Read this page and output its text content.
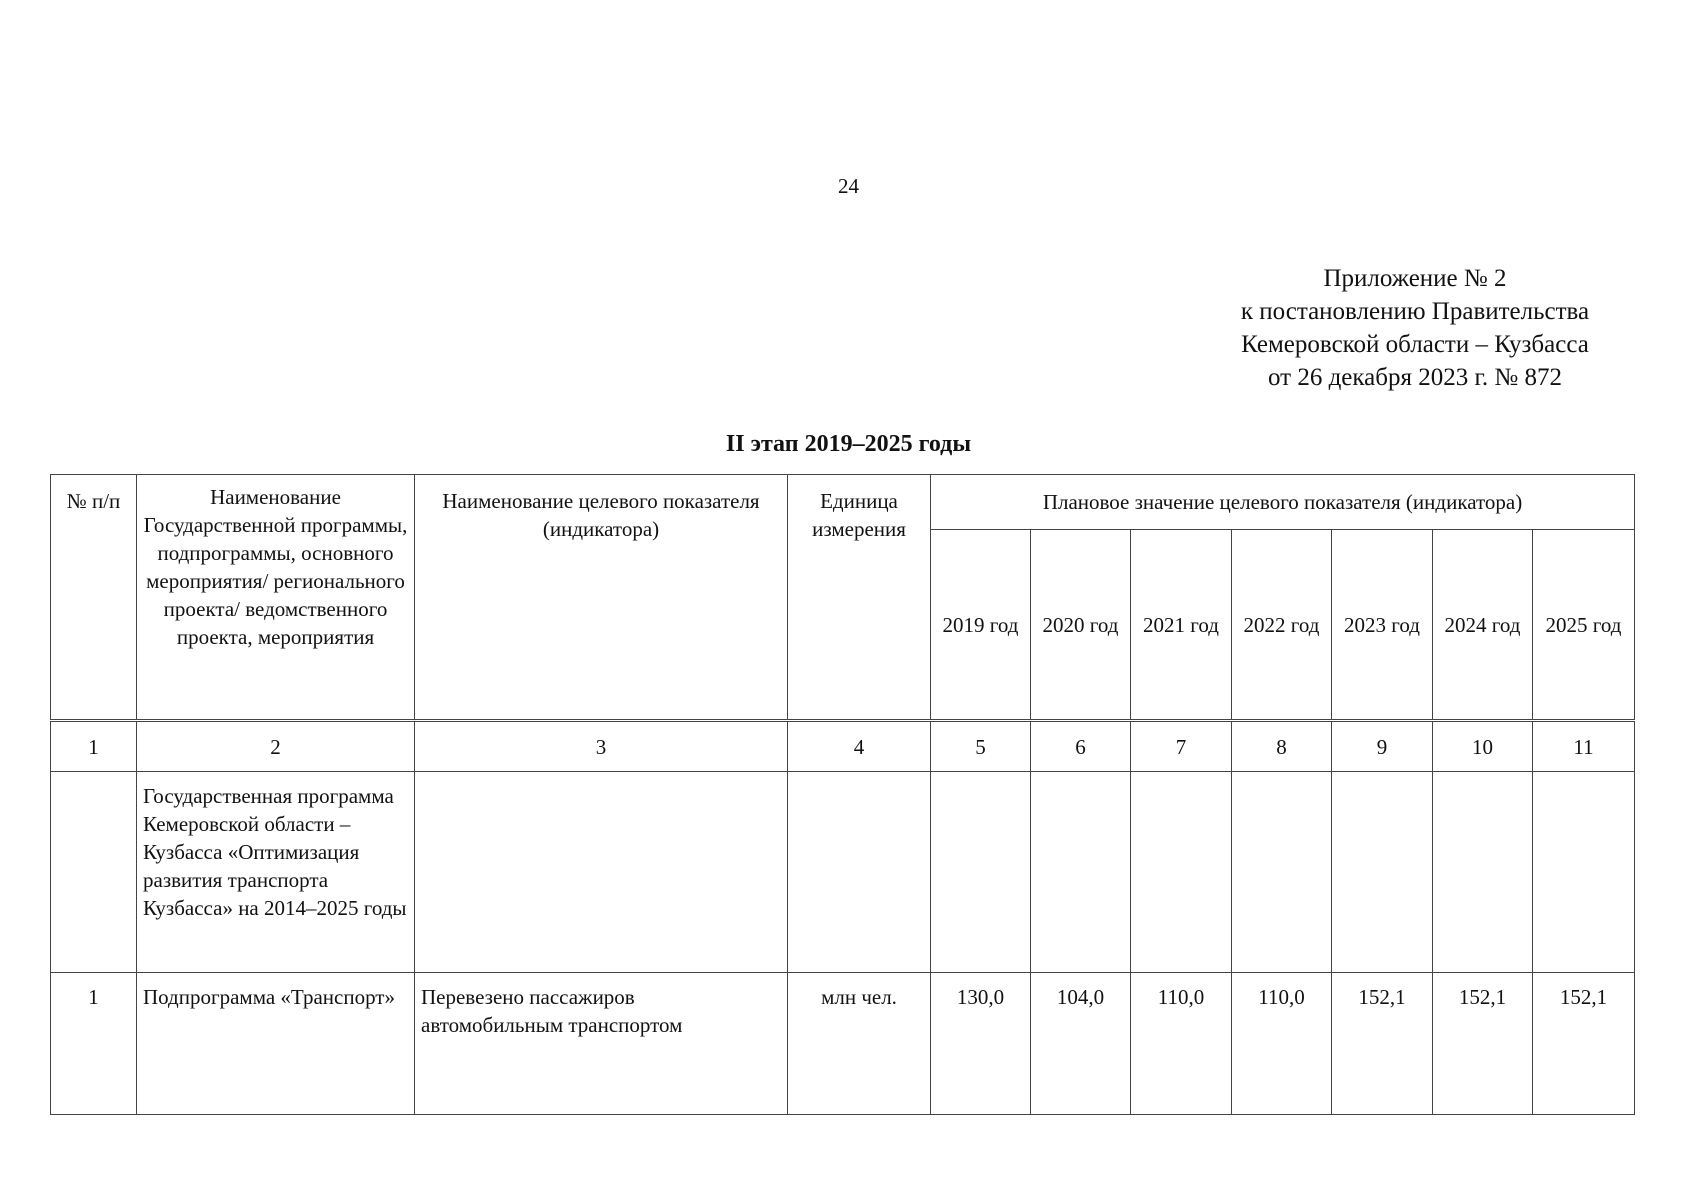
24
Приложение № 2
к постановлению Правительства
Кемеровской области – Кузбасса
от 26 декабря 2023 г. № 872
II этап 2019–2025 годы
№ п/п	Наименование Государственной программы, подпрограммы, основного мероприятия/ регионального проекта/ ведомственного проекта, мероприятия	Наименование целевого показателя (индикатора)	Единица измерения	Плановое значение целевого показателя (индикатора)						
				2019 год	2020 год	2021 год	2022 год	2023 год	2024 год	2025 год
1	2	3	4	5	6	7	8	9	10	11
	Государственная программа Кемеровской области – Кузбасса «Оптимизация развития транспорта Кузбасса» на 2014–2025 годы									
1	Подпрограмма «Транспорт»	Перевезено пассажиров автомобильным транспортом	млн чел.	130,0	104,0	110,0	110,0	152,1	152,1	152,1
